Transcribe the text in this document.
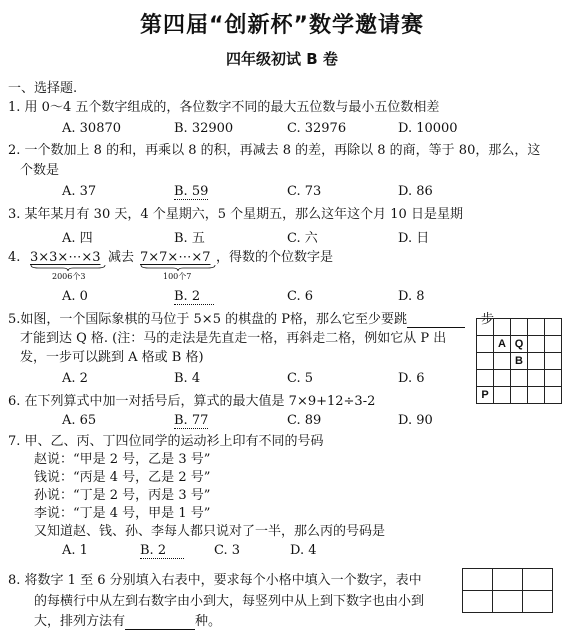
第四届“创新杯”数学邀请赛
四年级初试 B 卷
一、选择题.
1. 用 0～4 五个数字组成的，各位数字不同的最大五位数与最小五位数相差
A. 30870	B. 32900	C. 32976	D. 10000
2. 一个数加上 8 的和，再乘以 8 的积，再减去 8 的差，再除以 8 的商，等于 80，那么，这
个数是
A. 37	B. 59	C. 73	D. 86
3. 某年某月有 30 天，4 个星期六，5 个星期五，那么这年这个月 10 日是星期
A. 四	B. 五	C. 六	D. 日
4. 3×3×⋯×3
2006个3
减去 7×7×⋯×7
100个7
，得数的个位数字是
A. 0	B. 2	C. 6	D. 8
5.如图，一个国际象棋的马位于 5×5 的棋盘的 P格，那么它至少要跳	步
才能到达 Q 格. (注：马的走法是先直走一格，再斜走二格，例如它从 P 出
发，一步可以跳到 A 格或 B 格)
A. 2	B. 4	C. 5	D. 6

	A	Q		
		B		

P				
6. 在下列算式中加一对括号后，算式的最大值是 7×9+12÷3-2
A. 65	B. 77	C. 89	D. 90
7. 甲、乙、丙、丁四位同学的运动衫上印有不同的号码
赵说：“甲是 2 号，乙是 3 号”
钱说：“丙是 4 号，乙是 2 号”
孙说：“丁是 2 号，丙是 3 号”
李说：“丁是 4 号，甲是 1 号”
又知道赵、钱、孙、李每人都只说对了一半，那么丙的号码是
A. 1	B. 2	C. 3	D. 4
8. 将数字 1 至 6 分别填入右表中，要求每个小格中填入一个数字，表中
的每横行中从左到右数字由小到大，每竖列中从上到下数字也由小到
大，排列方法有	种。
